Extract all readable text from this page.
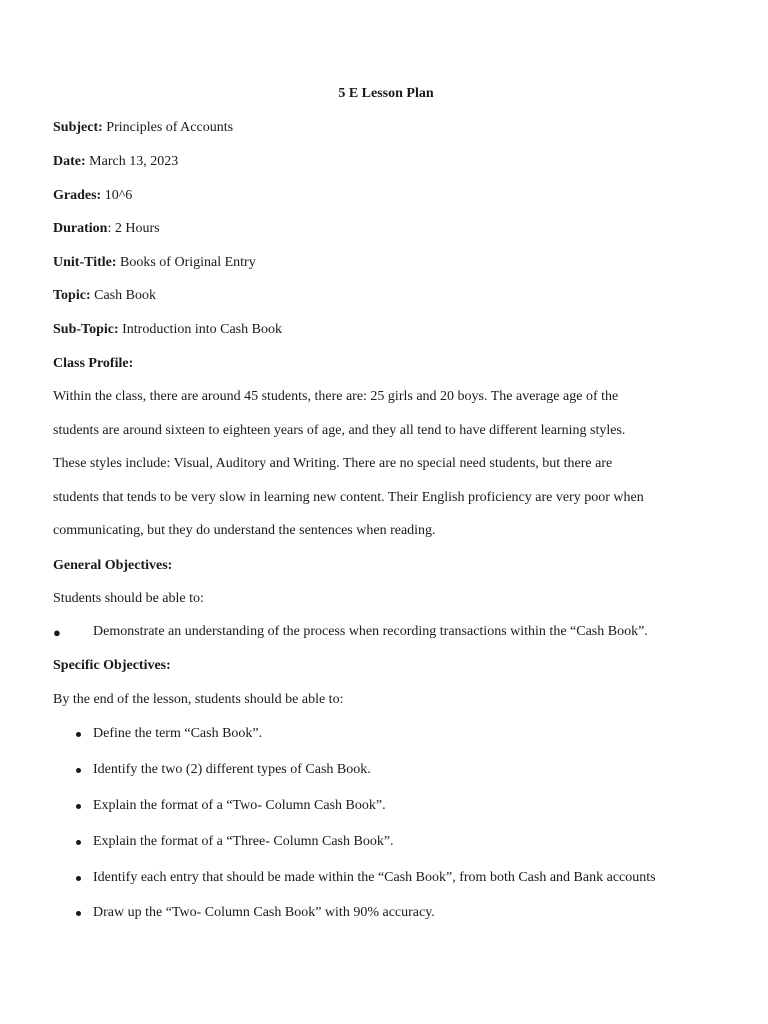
5 E Lesson Plan
Subject: Principles of Accounts
Date: March 13, 2023
Grades: 10^6
Duration: 2 Hours
Unit-Title: Books of Original Entry
Topic: Cash Book
Sub-Topic: Introduction into Cash Book
Class Profile:
Within the class, there are around 45 students, there are: 25 girls and 20 boys. The average age of the
students are around sixteen to eighteen years of age, and they all tend to have different learning styles.
These styles include: Visual, Auditory and Writing. There are no special need students, but there are
students that tends to be very slow in learning new content. Their English proficiency are very poor when
communicating, but they do understand the sentences when reading.
General Objectives:
Students should be able to:
● Demonstrate an understanding of the process when recording transactions within the “Cash Book”.
Specific Objectives:
By the end of the lesson, students should be able to:
Define the term “Cash Book”.
Identify the two (2) different types of Cash Book.
Explain the format of a “Two- Column Cash Book”.
Explain the format of a “Three- Column Cash Book”.
Identify each entry that should be made within the “Cash Book”, from both Cash and Bank accounts
Draw up the “Two- Column Cash Book” with 90% accuracy.
